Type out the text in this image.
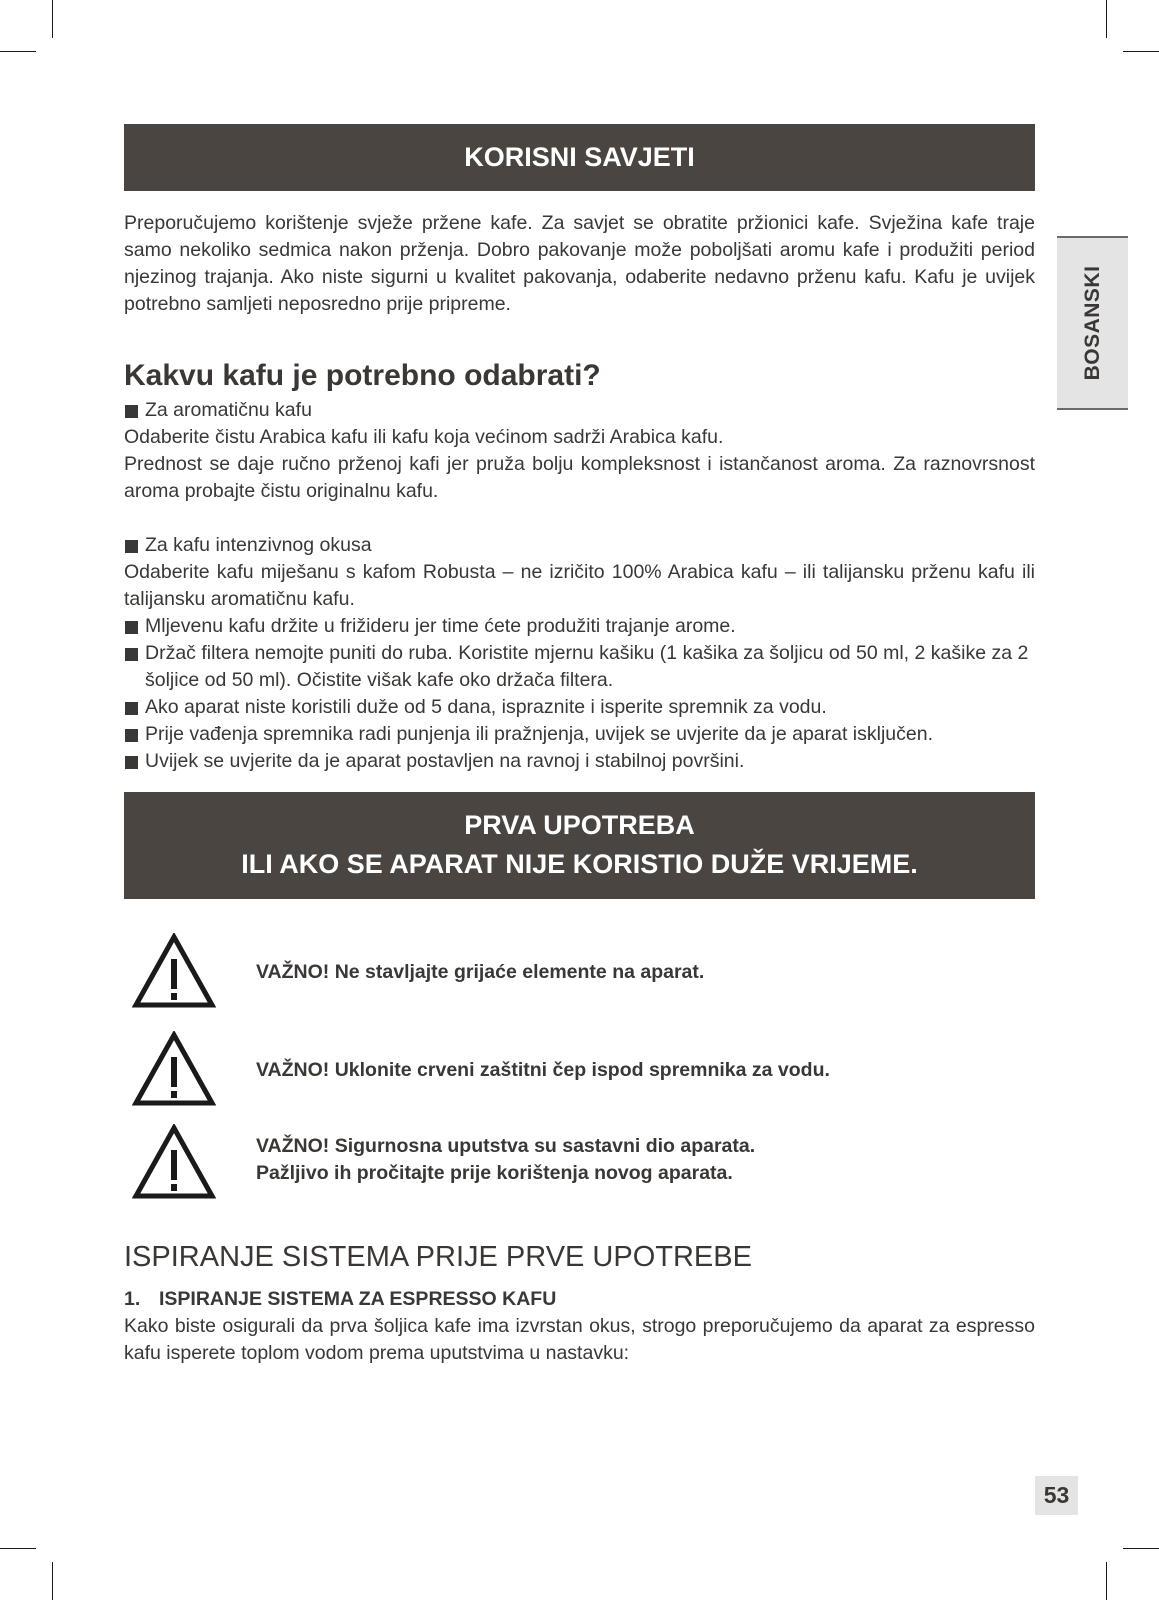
KORISNI SAVJETI
BOSANSKI

Preporučujemo korištenje svježe pržene kafe. Za savjet se obratite pržionici kafe. Svježina kafe traje samo nekoliko sedmica nakon prženja. Dobro pakovanje može poboljšati aromu kafe i produžiti period njezinog trajanja. Ako niste sigurni u kvalitet pakovanja, odaberite nedavno prženu kafu. Kafu je uvijek potrebno samljeti neposredno prije pripreme.

Kakvu kafu je potrebno odabrati?
Za aromatičnu kafu

Odaberite čistu Arabica kafu ili kafu koja većinom sadrži Arabica kafu.

Prednost se daje ručno prženoj kafi jer pruža bolju kompleksnost i istančanost aroma. Za raznovrsnost aroma probajte čistu originalnu kafu.

Za kafu intenzivnog okusa

Odaberite kafu miješanu s kafom Robusta – ne izričito 100% Arabica kafu – ili talijansku prženu kafu ili talijansku aromatičnu kafu.

Mljevenu kafu držite u frižideru jer time ćete produžiti trajanje arome.
Držač filtera nemojte puniti do ruba. Koristite mjernu kašiku (1 kašika za šoljicu od 50 ml, 2 kašike za 2 šoljice od 50 ml). Očistite višak kafe oko držača filtera.
Ako aparat niste koristili duže od 5 dana, ispraznite i isperite spremnik za vodu.
Prije vađenja spremnika radi punjenja ili pražnjenja, uvijek se uvjerite da je aparat isključen.
Uvijek se uvjerite da je aparat postavljen na ravnoj i stabilnoj površini.
PRVA UPOTREBA
ILI AKO SE APARAT NIJE KORISTIO DUŽE VRIJEME.
VAŽNO! Ne stavljajte grijaće elemente na aparat.
VAŽNO! Uklonite crveni zaštitni čep ispod spremnika za vodu.
VAŽNO! Sigurnosna uputstva su sastavni dio aparata.
Pažljivo ih pročitajte prije korištenja novog aparata.
ISPIRANJE SISTEMA PRIJE PRVE UPOTREBE
1. ISPIRANJE SISTEMA ZA ESPRESSO KAFU

Kako biste osigurali da prva šoljica kafe ima izvrstan okus, strogo preporučujemo da aparat za espresso kafu isperete toplom vodom prema uputstvima u nastavku:

53
